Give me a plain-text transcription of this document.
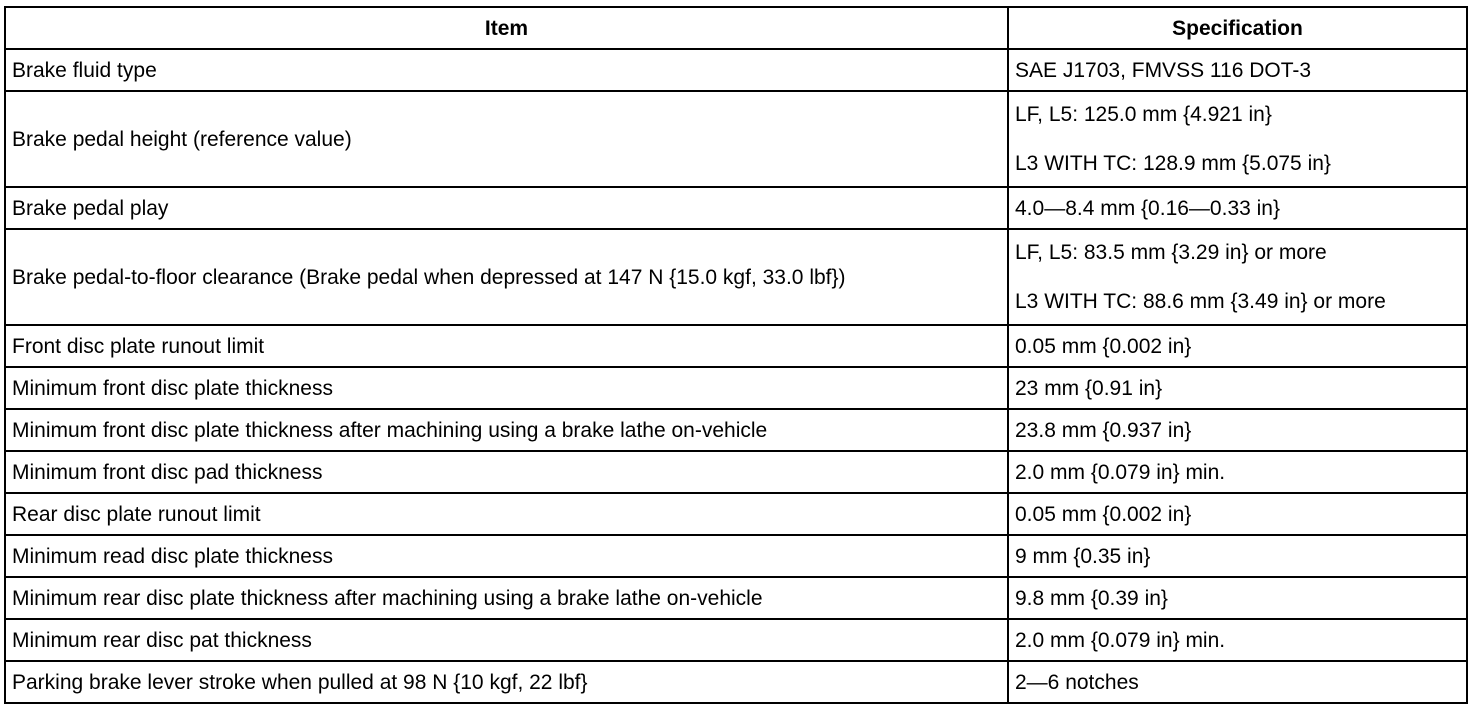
Item	Specification
Brake fluid type	SAE J1703, FMVSS 116 DOT-3

Brake pedal height (reference value)	LF, L5: 125.0 mm {4.921 in}
L3 WITH TC: 128.9 mm {5.075 in}

Brake pedal play	4.0—8.4 mm {0.16—0.33 in}

Brake pedal-to-floor clearance (Brake pedal when depressed at 147 N {15.0 kgf, 33.0 lbf})	LF, L5: 83.5 mm {3.29 in} or more
L3 WITH TC: 88.6 mm {3.49 in} or more

Front disc plate runout limit	0.05 mm {0.002 in}

Minimum front disc plate thickness	23 mm {0.91 in}

Minimum front disc plate thickness after machining using a brake lathe on-vehicle	23.8 mm {0.937 in}

Minimum front disc pad thickness	2.0 mm {0.079 in} min.

Rear disc plate runout limit	0.05 mm {0.002 in}

Minimum read disc plate thickness	9 mm {0.35 in}

Minimum rear disc plate thickness after machining using a brake lathe on-vehicle	9.8 mm {0.39 in}

Minimum rear disc pat thickness	2.0 mm {0.079 in} min.

Parking brake lever stroke when pulled at 98 N {10 kgf, 22 lbf}	2—6 notches
